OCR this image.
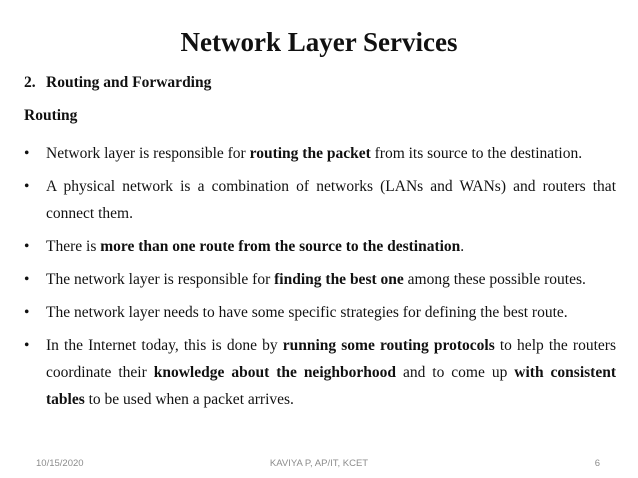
Network Layer Services
2. Routing and Forwarding
Routing
• Network layer is responsible for routing the packet from its source to the destination.
• A physical network is a combination of networks (LANs and WANs) and routers that connect them.
• There is more than one route from the source to the destination.
• The network layer is responsible for finding the best one among these possible routes.
• The network layer needs to have some specific strategies for defining the best route.
• In the Internet today, this is done by running some routing protocols to help the routers coordinate their knowledge about the neighborhood and to come up with consistent tables to be used when a packet arrives.
10/15/2020	KAVIYA P, AP/IT, KCET	6
